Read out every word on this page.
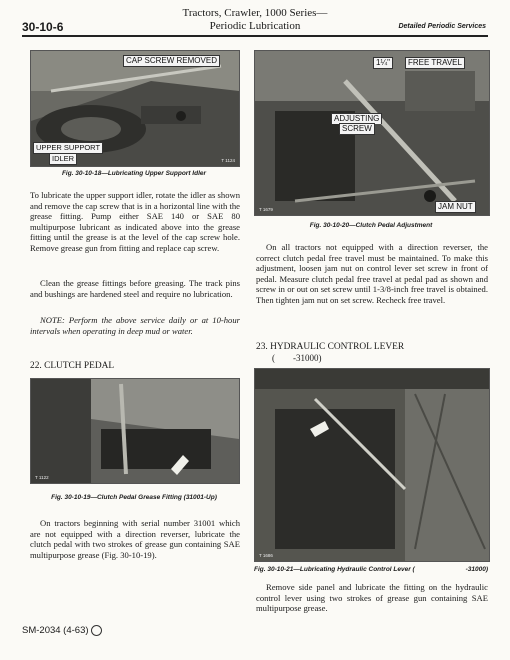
Tractors, Crawler, 1000 Series—
Periodic Lubrication
30-10-6	Detailed Periodic Services
CAP SCREW REMOVED
UPPER SUPPORT
IDLER	T 1124
Fig. 30-10-18—Lubricating Upper Support Idler
To lubricate the upper support idler, rotate the idler as shown and remove the cap screw that is in a horizontal line with the grease fitting. Pump either SAE 140 or SAE 80 multipurpose lubricant as indicated above into the grease fitting until the grease is at the level of the cap screw hole. Remove grease gun from fitting and replace cap screw.
Clean the grease fittings before greasing. The track pins and bushings are hardened steel and require no lubrication.
NOTE: Perform the above service daily or at 10-hour intervals when operating in deep mud or water.
22. CLUTCH PEDAL
T 1122
Fig. 30-10-19—Clutch Pedal Grease Fitting (31001-Up)
On tractors beginning with serial number 31001 which are not equipped with a direction reverser, lubricate the clutch pedal with two strokes of grease gun containing SAE multipurpose grease (Fig. 30-10-19).
1¼"	FREE TRAVEL
ADJUSTING
SCREW
JAM NUT
T 1679
Fig. 30-10-20—Clutch Pedal Adjustment
On all tractors not equipped with a direction reverser, the correct clutch pedal free travel must be maintained. To make this adjustment, loosen jam nut on control lever set screw in front of pedal. Measure clutch pedal free travel at pedal pad as shown and screw in or out on set screw until 1-3/8-inch free travel is obtained. Then tighten jam nut on set screw. Recheck free travel.
23. HYDRAULIC CONTROL LEVER
(        -31000)
T 1686
Fig. 30-10-21—Lubricating Hydraulic Control Lever (	-31000)
Remove side panel and lubricate the fitting on the hydraulic control lever using two strokes of grease gun containing SAE multipurpose grease.
SM-2034 (4-63)
